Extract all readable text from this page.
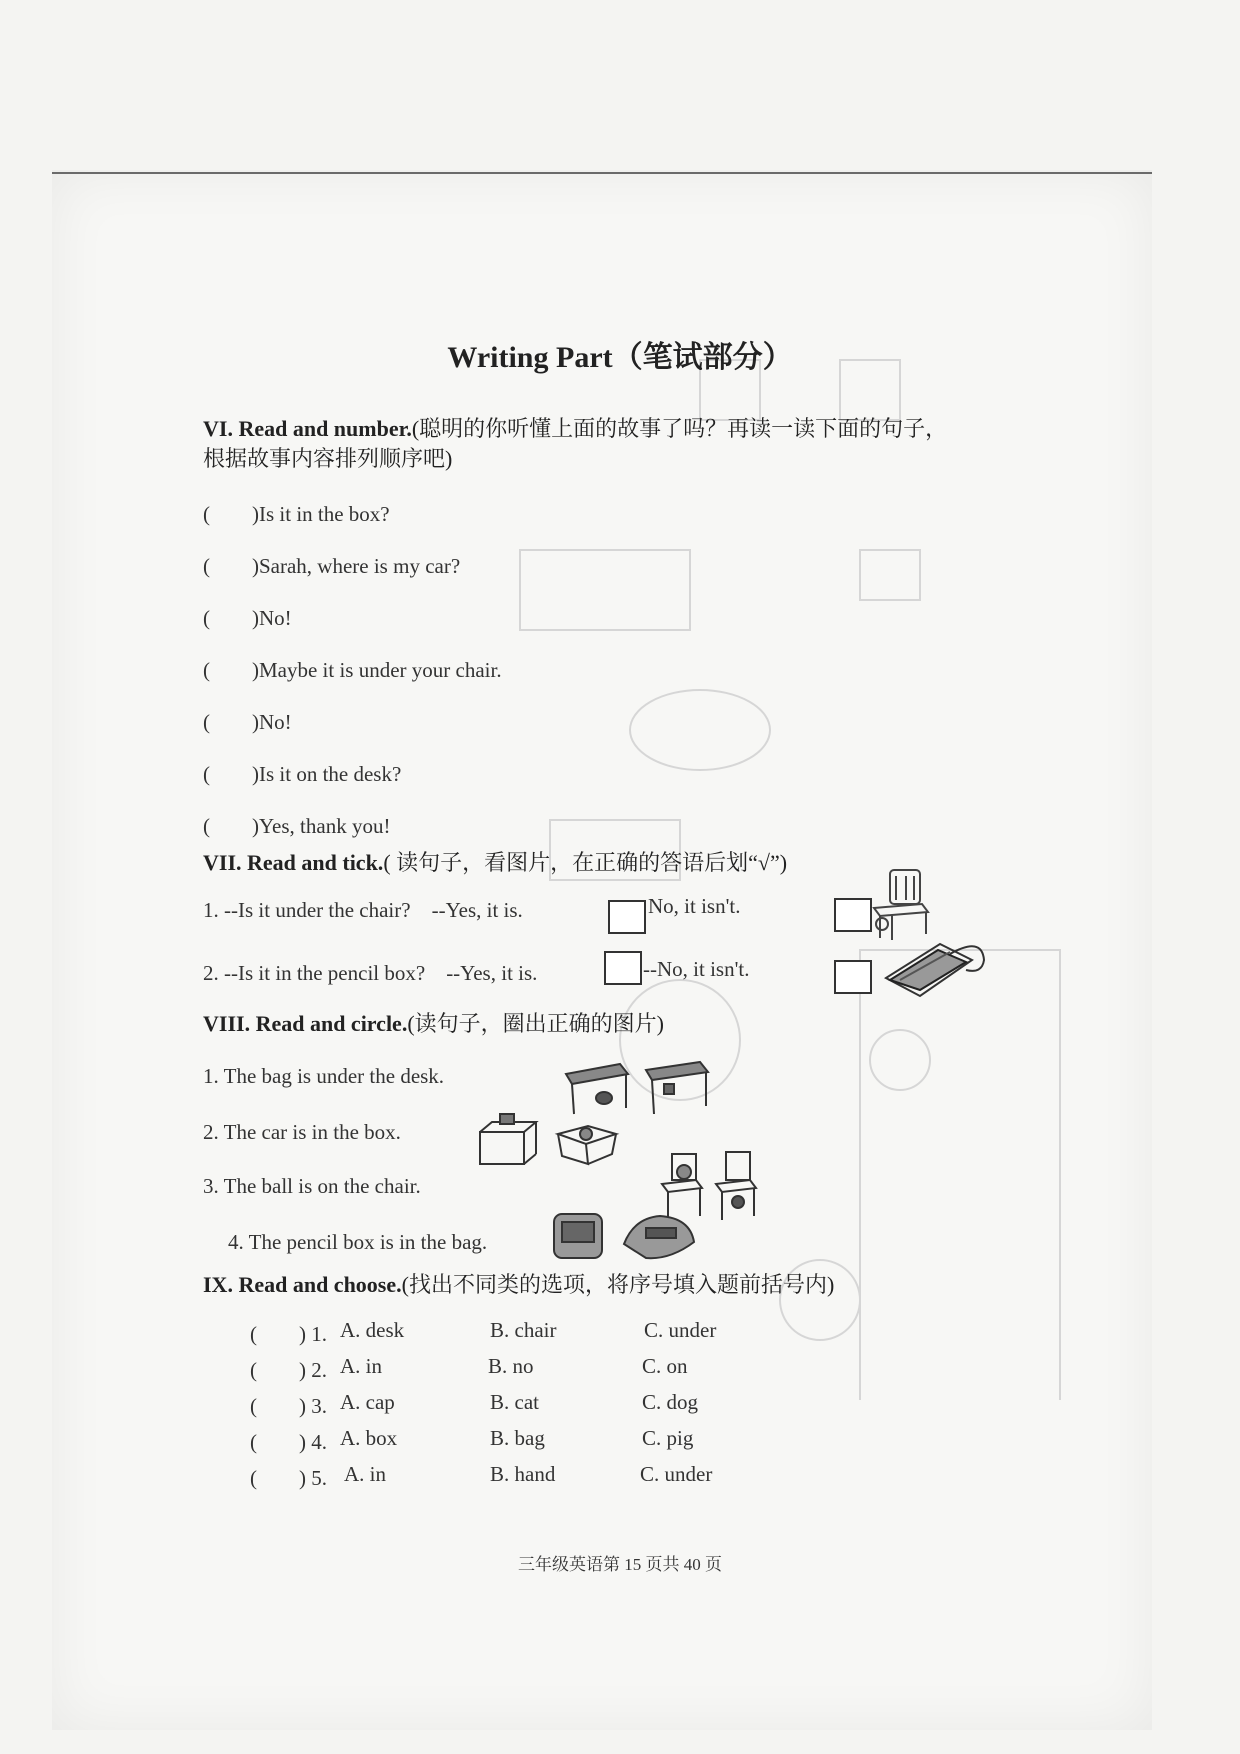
Writing Part（笔试部分）
VI. Read and number.(聪明的你听懂上面的故事了吗？再读一读下面的句子，
根据故事内容排列顺序吧)
(　　)Is it in the box?
(　　)Sarah, where is my car?
(　　)No!
(　　)Maybe it is under your chair.
(　　)No!
(　　)Is it on the desk?
(　　)Yes, thank you!
VII. Read and tick.( 读句子，看图片，在正确的答语后划“√”)
1. --Is it under the chair?　--Yes, it is.	No, it isn't.
2. --Is it in the pencil box?　--Yes, it is.	--No, it isn't.
VIII. Read and circle.(读句子，圈出正确的图片)
1. The bag is under the desk.
2. The car is in the box.
3. The ball is on the chair.
4. The pencil box is in the bag.
IX. Read and choose.(找出不同类的选项，将序号填入题前括号内)
(　　) 1. A. desk	B. chair	C. under
(　　) 2. A. in	B. no	C. on
(　　) 3. A. cap	B. cat	C. dog
(　　) 4. A. box	B. bag	C. pig
(　　) 5. A. in	B. hand	C. under
三年级英语第 15 页共 40 页
